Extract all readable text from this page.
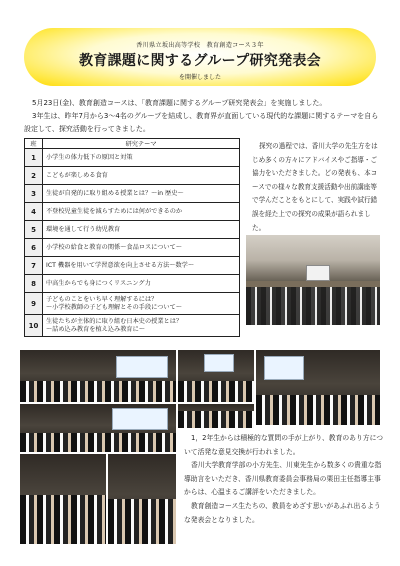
香川県立坂出高等学校　教育創造コース３年
教育課題に関するグループ研究発表会
を開催しました

5月23日(金)、教育創造コースは、「教育課題に関するグループ研究発表会」を実施しました。

3年生は、昨年7月から3～4名のグループを結成し、教育界が直面している現代的な課題に関するテーマを自ら設定して、探究活動を行ってきました。

班	研究テーマ
1	小学生の体力低下の原因と対策
2	こどもが楽しめる食育
3	生徒が自発的に取り組める授業とは？～in 歴史～
4	不登校児童生徒を減らすためには何ができるのか
5	環境を通して行う幼児教育
6	小学校の給食と教育の関係～食品ロスについて～
7	ICT 機器を用いて学習意欲を向上させる方法～数学～
8	中高生からでも身につくリスニング力
9	子どものことをいち早く理解するには？
～小学校教師の子ども理解とその手段について～

10	生徒たちが主体的に取り組む日本史の授業とは？
～詰め込み教育を植え込み教育に～

探究の過程では、香川大学の先生方をはじめ多くの方々にアドバイスやご指導・ご協力をいただきました。どの発表も、本コースでの様々な教育支援活動や出前講座等で学んだことをもとにして、実践や試行錯誤を経た上での探究の成果が語られました。

1，2年生からは積極的な質問の手が上がり、教育のあり方について活発な意見交換が行われました。

香川大学教育学部の小方先生、川東先生から数多くの貴重な指導助言をいただき、香川県教育委員会事務局の栗田主任指導主事からは、心温まるご講評をいただきました。

教育創造コース生たちの、教員をめざす思いがあふれ出るような発表会となりました。
